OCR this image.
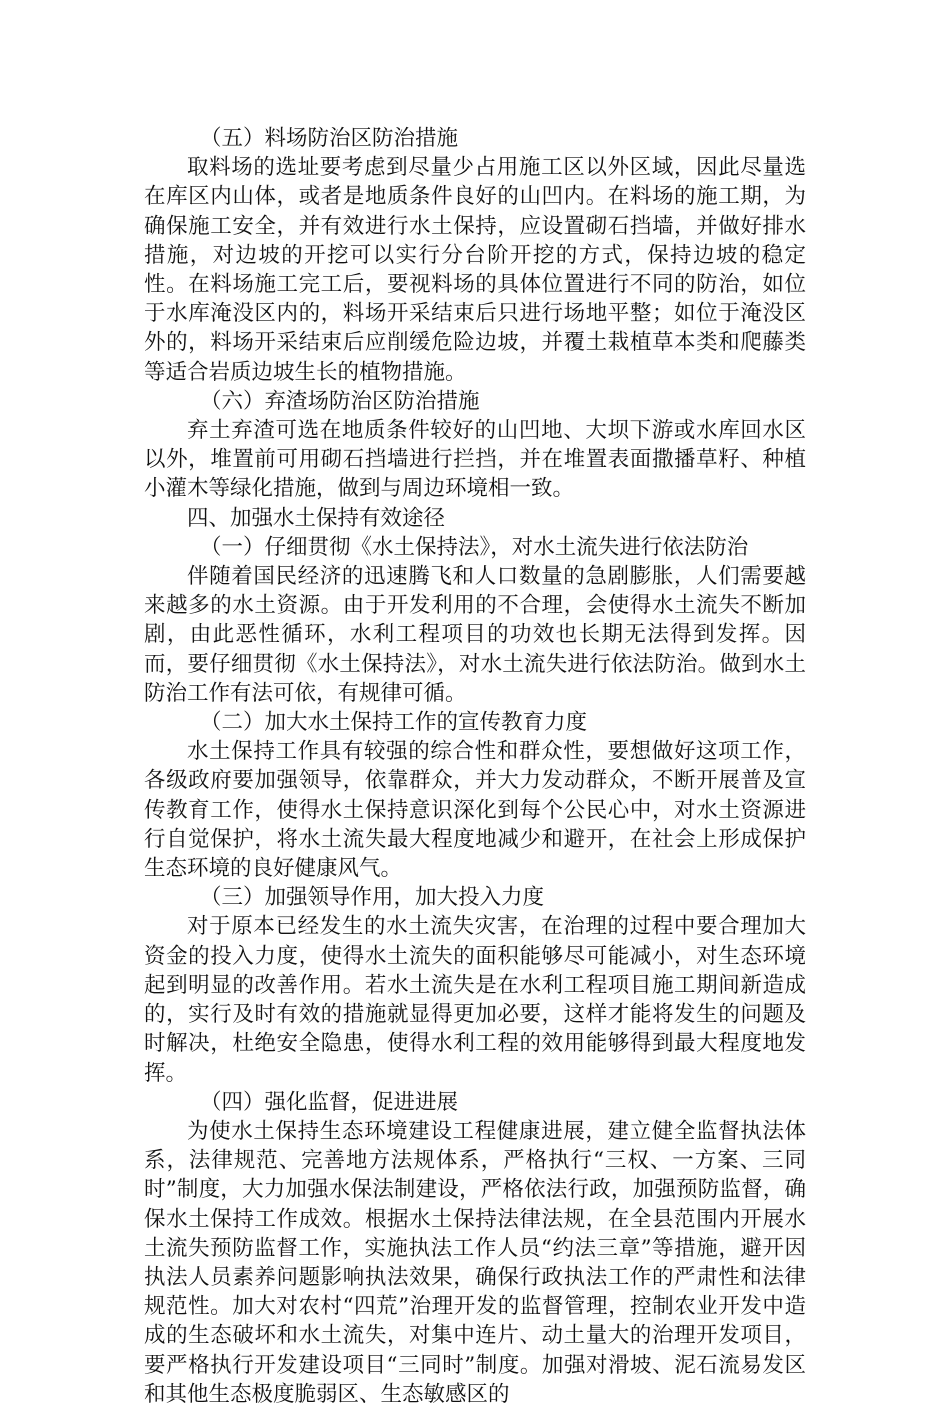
（五）料场防治区防治措施

取料场的选址要考虑到尽量少占用施工区以外区域，因此尽量选在库区内山体，或者是地质条件良好的山凹内。在料场的施工期，为确保施工安全，并有效进行水土保持，应设置砌石挡墙，并做好排水措施，对边坡的开挖可以实行分台阶开挖的方式，保持边坡的稳定性。在料场施工完工后，要视料场的具体位置进行不同的防治，如位于水库淹没区内的，料场开采结束后只进行场地平整；如位于淹没区外的，料场开采结束后应削缓危险边坡，并覆土栽植草本类和爬藤类等适合岩质边坡生长的植物措施。

（六）弃渣场防治区防治措施

弃土弃渣可选在地质条件较好的山凹地、大坝下游或水库回水区以外，堆置前可用砌石挡墙进行拦挡，并在堆置表面撒播草籽、种植小灌木等绿化措施，做到与周边环境相一致。

四、加强水土保持有效途径

（一）仔细贯彻《水土保持法》，对水土流失进行依法防治

伴随着国民经济的迅速腾飞和人口数量的急剧膨胀，人们需要越来越多的水土资源。由于开发利用的不合理，会使得水土流失不断加剧，由此恶性循环，水利工程项目的功效也长期无法得到发挥。因而，要仔细贯彻《水土保持法》，对水土流失进行依法防治。做到水土防治工作有法可依，有规律可循。

（二）加大水土保持工作的宣传教育力度

水土保持工作具有较强的综合性和群众性，要想做好这项工作，各级政府要加强领导，依靠群众，并大力发动群众，不断开展普及宣传教育工作，使得水土保持意识深化到每个公民心中，对水土资源进行自觉保护，将水土流失最大程度地减少和避开，在社会上形成保护生态环境的良好健康风气。

（三）加强领导作用，加大投入力度

对于原本已经发生的水土流失灾害，在治理的过程中要合理加大资金的投入力度，使得水土流失的面积能够尽可能减小，对生态环境起到明显的改善作用。若水土流失是在水利工程项目施工期间新造成的，实行及时有效的措施就显得更加必要，这样才能将发生的问题及时解决，杜绝安全隐患，使得水利工程的效用能够得到最大程度地发挥。

（四）强化监督，促进进展

为使水土保持生态环境建设工程健康进展，建立健全监督执法体系，法律规范、完善地方法规体系，严格执行“三权、一方案、三同时”制度，大力加强水保法制建设，严格依法行政，加强预防监督，确保水土保持工作成效。根据水土保持法律法规，在全县范围内开展水土流失预防监督工作，实施执法工作人员“约法三章”等措施，避开因执法人员素养问题影响执法效果，确保行政执法工作的严肃性和法律规范性。加大对农村“四荒”治理开发的监督管理，控制农业开发中造成的生态破坏和水土流失，对集中连片、动土量大的治理开发项目，要严格执行开发建设项目“三同时”制度。加强对滑坡、泥石流易发区和其他生态极度脆弱区、生态敏感区的
